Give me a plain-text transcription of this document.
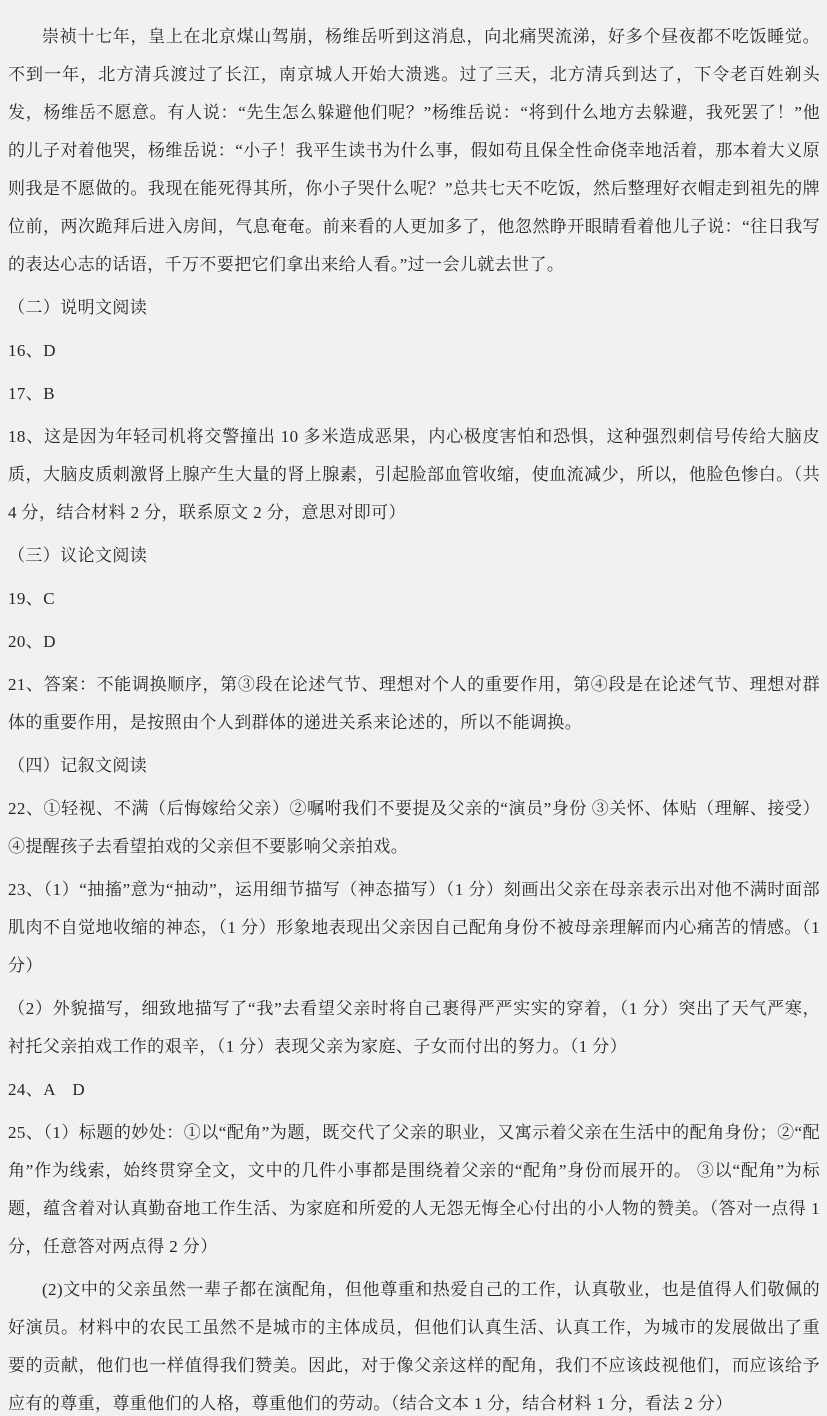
崇祯十七年，皇上在北京煤山驾崩，杨维岳听到这消息，向北痛哭流涕，好多个昼夜都不吃饭睡觉。不到一年，北方清兵渡过了长江，南京城人开始大溃逃。过了三天，北方清兵到达了，下令老百姓剃头发，杨维岳不愿意。有人说：“先生怎么躲避他们呢？”杨维岳说：“将到什么地方去躲避，我死罢了！”他的儿子对着他哭，杨维岳说：“小子！我平生读书为什么事，假如苟且保全性命侥幸地活着，那本着大义原则我是不愿做的。我现在能死得其所，你小子哭什么呢？”总共七天不吃饭，然后整理好衣帽走到祖先的牌位前，两次跪拜后进入房间，气息奄奄。前来看的人更加多了，他忽然睁开眼睛看着他儿子说：“往日我写的表达心志的话语，千万不要把它们拿出来给人看。”过一会儿就去世了。

（二）说明文阅读

16、D

17、B

18、这是因为年轻司机将交警撞出 10 多米造成恶果，内心极度害怕和恐惧，这种强烈刺信号传给大脑皮质，大脑皮质刺激肾上腺产生大量的肾上腺素，引起脸部血管收缩，使血流减少，所以，他脸色惨白。（共 4 分，结合材料 2 分，联系原文 2 分，意思对即可）

（三）议论文阅读

19、C

20、D

21、答案：不能调换顺序，第③段在论述气节、理想对个人的重要作用，第④段是在论述气节、理想对群体的重要作用，是按照由个人到群体的递进关系来论述的，所以不能调换。

（四）记叙文阅读

22、①轻视、不满（后悔嫁给父亲）②嘱咐我们不要提及父亲的“演员”身份 ③关怀、体贴（理解、接受）④提醒孩子去看望拍戏的父亲但不要影响父亲拍戏。

23、（1）“抽搐”意为“抽动”，运用细节描写（神态描写）（1 分）刻画出父亲在母亲表示出对他不满时面部肌肉不自觉地收缩的神态，（1 分）形象地表现出父亲因自己配角身份不被母亲理解而内心痛苦的情感。（1 分）

（2）外貌描写，细致地描写了“我”去看望父亲时将自己裹得严严实实的穿着，（1 分）突出了天气严寒，衬托父亲拍戏工作的艰辛，（1 分）表现父亲为家庭、子女而付出的努力。（1 分）

24、A　D

25、（1）标题的妙处：①以“配角”为题，既交代了父亲的职业，又寓示着父亲在生活中的配角身份；②“配角”作为线索，始终贯穿全文，文中的几件小事都是围绕着父亲的“配角”身份而展开的。 ③以“配角”为标题，蕴含着对认真勤奋地工作生活、为家庭和所爱的人无怨无悔全心付出的小人物的赞美。（答对一点得 1 分，任意答对两点得 2 分）

(2)文中的父亲虽然一辈子都在演配角，但他尊重和热爱自己的工作，认真敬业，也是值得人们敬佩的好演员。材料中的农民工虽然不是城市的主体成员，但他们认真生活、认真工作，为城市的发展做出了重要的贡献，他们也一样值得我们赞美。因此，对于像父亲这样的配角，我们不应该歧视他们，而应该给予应有的尊重，尊重他们的人格，尊重他们的劳动。（结合文本 1 分，结合材料 1 分，看法 2 分）
